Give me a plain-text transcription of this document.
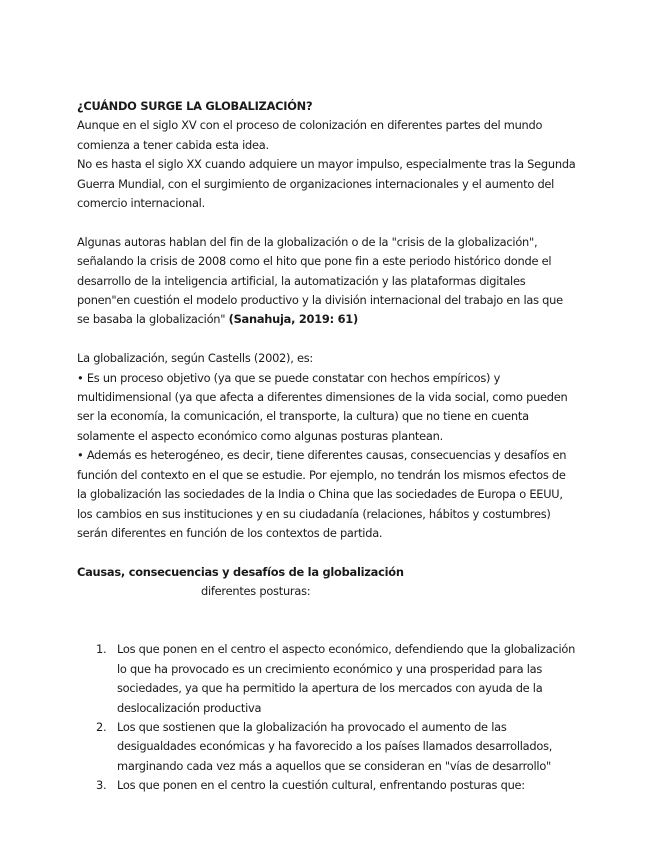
¿CUÁNDO SURGE LA GLOBALIZACIÓN?

Aunque en el siglo XV con el proceso de colonización en diferentes partes del mundo comienza a tener cabida esta idea.

No es hasta el siglo XX cuando adquiere un mayor impulso, especialmente tras la Segunda Guerra Mundial, con el surgimiento de organizaciones internacionales y el aumento del comercio internacional.

Algunas autoras hablan del fin de la globalización o de la "crisis de la globalización", señalando la crisis de 2008 como el hito que pone fin a este periodo histórico donde el desarrollo de la inteligencia artificial, la automatización y las plataformas digitales ponen"en cuestión el modelo productivo y la división internacional del trabajo en las que se basaba la globalización" (Sanahuja, 2019: 61)

La globalización, según Castells (2002), es:

• Es un proceso objetivo (ya que se puede constatar con hechos empíricos) y multidimensional (ya que afecta a diferentes dimensiones de la vida social, como pueden ser la economía, la comunicación, el transporte, la cultura) que no tiene en cuenta solamente el aspecto económico como algunas posturas plantean.

• Además es heterogéneo, es decir, tiene diferentes causas, consecuencias y desafíos en función del contexto en el que se estudie. Por ejemplo, no tendrán los mismos efectos de la globalización las sociedades de la India o China que las sociedades de Europa o EEUU, los cambios en sus instituciones y en su ciudadanía (relaciones, hábitos y costumbres) serán diferentes en función de los contextos de partida.

Causas, consecuencias y desafíos de la globalización

diferentes posturas:

1. Los que ponen en el centro el aspecto económico, defendiendo que la globalización lo que ha provocado es un crecimiento económico y una prosperidad para las sociedades, ya que ha permitido la apertura de los mercados con ayuda de la deslocalización productiva
2. Los que sostienen que la globalización ha provocado el aumento de las desigualdades económicas y ha favorecido a los países llamados desarrollados, marginando cada vez más a aquellos que se consideran en "vías de desarrollo"
3. Los que ponen en el centro la cuestión cultural, enfrentando posturas que:
